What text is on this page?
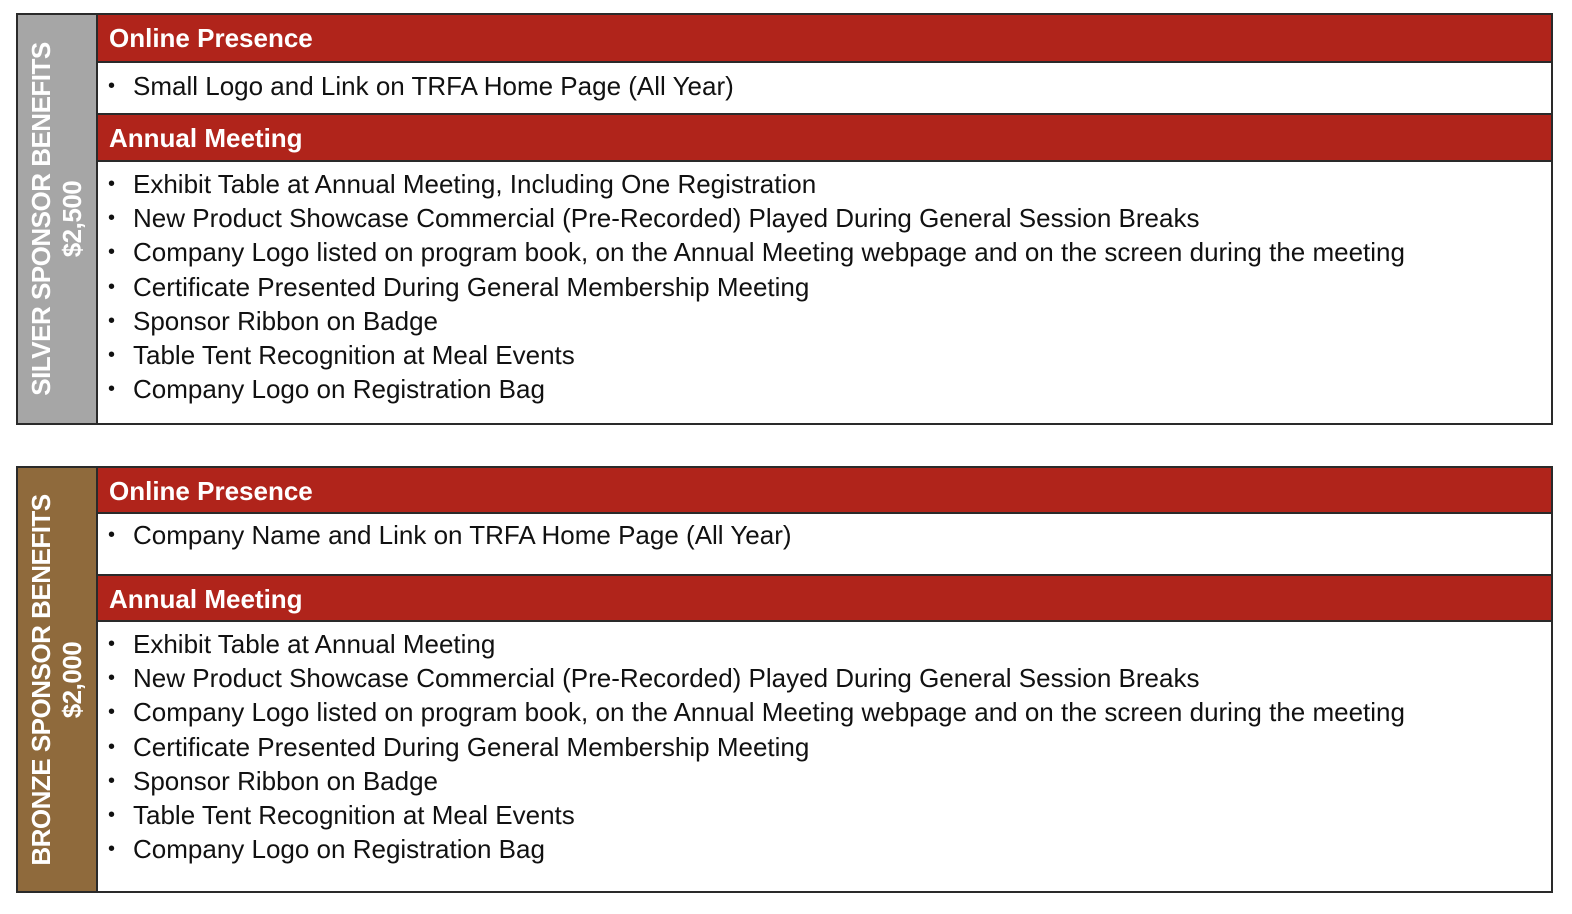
SILVER SPONSOR BENEFITS $2,500
Online Presence
• Small Logo and Link on TRFA Home Page (All Year)
Annual Meeting
• Exhibit Table at Annual Meeting, Including One Registration
• New Product Showcase Commercial (Pre-Recorded) Played During General Session Breaks
• Company Logo listed on program book, on the Annual Meeting webpage and on the screen during the meeting
• Certificate Presented During General Membership Meeting
• Sponsor Ribbon on Badge
• Table Tent Recognition at Meal Events
• Company Logo on Registration Bag
BRONZE SPONSOR BENEFITS $2,000
Online Presence
• Company Name and Link on TRFA Home Page (All Year)
Annual Meeting
• Exhibit Table at Annual Meeting
• New Product Showcase Commercial (Pre-Recorded) Played During General Session Breaks
• Company Logo listed on program book, on the Annual Meeting webpage and on the screen during the meeting
• Certificate Presented During General Membership Meeting
• Sponsor Ribbon on Badge
• Table Tent Recognition at Meal Events
• Company Logo on Registration Bag
